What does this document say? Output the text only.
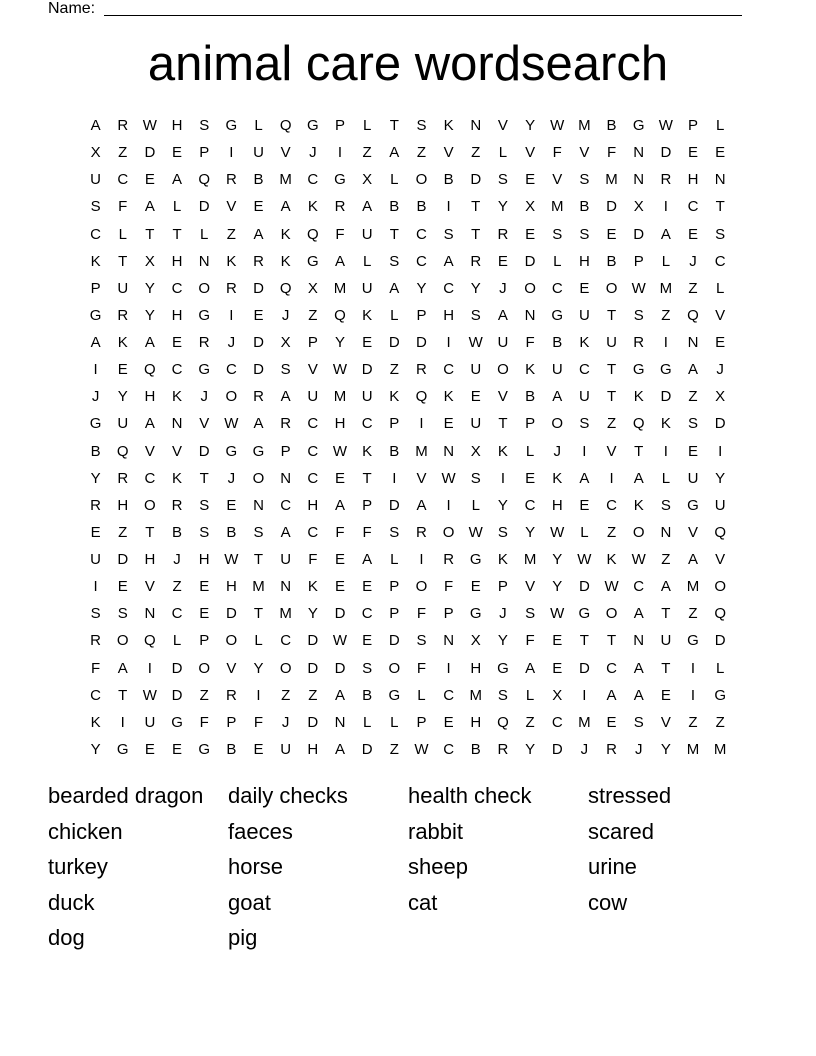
Name:
animal care wordsearch
A	R W H	S	G	L	Q	G	P	L	T	S	K	N	V	Y	W M	B	G W	P	L
X	Z	D	E	P	I	U	V	J	I	Z	A	Z	V	Z	L	V	F	V	F	N	D	E	E
U	C	E	A	Q	R	B	M	C	G	X	L	O	B	D	S	E	V	S	M	N	R	H	N
S	F	A	L	D	V	E	A	K	R	A	B	B	I	T	Y	X	M	B	D	X	I	C	T
C	L	T	T	L	Z	A	K	Q	F	U	T	C	S	T	R	E	S	S	E	D	A	E	S
K	T	X	H	N	K	R	K	G	A	L	S	C	A	R	E	D	L	H	B	P	L	J	C
P	U	Y	C	O	R	D	Q	X	M	U	A	Y	C	Y	J	O	C	E	O W M	Z	L
G	R	Y	H	G	I	E	J	Z	Q	K	L	P	H	S	A	N	G	U	T	S	Z	Q	V
A	K	A	E	R	J	D	X	P	Y	E	D	D	I	W U	F	B	K	U	R	I	N	E
I	E	Q	C	G	C	D	S	V	W D	Z	R	C	U	O	K	U	C	T	G	G	A	J
J	Y	H	K	J	O	R	A	U	M	U	K	Q	K	E	V	B	A	U	T	K	D	Z	X
G	U	A	N	V	W	A	R	C	H	C	P	I	E	U	T	P	O	S	Z	Q	K	S	D
B	Q	V	V	D	G	G	P	C W	K	B	M	N	X	K	L	J	I	V	T	I	E	I
Y	R	C	K	T	J	O	N	C	E	T	I	V	W	S	I	E	K	A	I	A	L	U	Y
R	H	O	R	S	E	N	C	H	A	P	D	A	I	L	Y	C	H	E	C	K	S	G	U
E	Z	T	B	S	B	S	A	C	F	F	S	R	O W	S	Y	W	L	Z	O	N	V	Q
U	D	H	J	H W	T	U	F	E	A	L	I	R	G	K	M	Y	W	K	W	Z	A	V
I	E	V	Z	E	H	M	N	K	E	E	P	O	F	E	P	V	Y	D W C	A	M	O
S	S	N	C	E	D	T	M	Y	D	C	P	F	P	G	J	S	W G	O	A	T	Z	Q
R	O	Q	L	P	O	L	C	D W	E	D	S	N	X	Y	F	E	T	T	N	U	G	D
F	A	I	D	O	V	Y	O	D	D	S	O	F	I	H	G	A	E	D	C	A	T	I	L
C	T	W D	Z	R	I	Z	Z	A	B	G	L	C	M	S	L	X	I	A	A	E	I	G
K	I	U	G	F	P	F	J	D	N	L	L	P	E	H	Q	Z	C	M	E	S	V	Z	Z
Y	G	E	E	G	B	E	U	H	A	D	Z	W C	B	R	Y	D	J	R	J	Y	M M
bearded dragon	daily checks	health check	stressed
chicken	faeces	rabbit	scared
turkey	horse	sheep	urine
duck	goat	cat	cow
dog	pig
